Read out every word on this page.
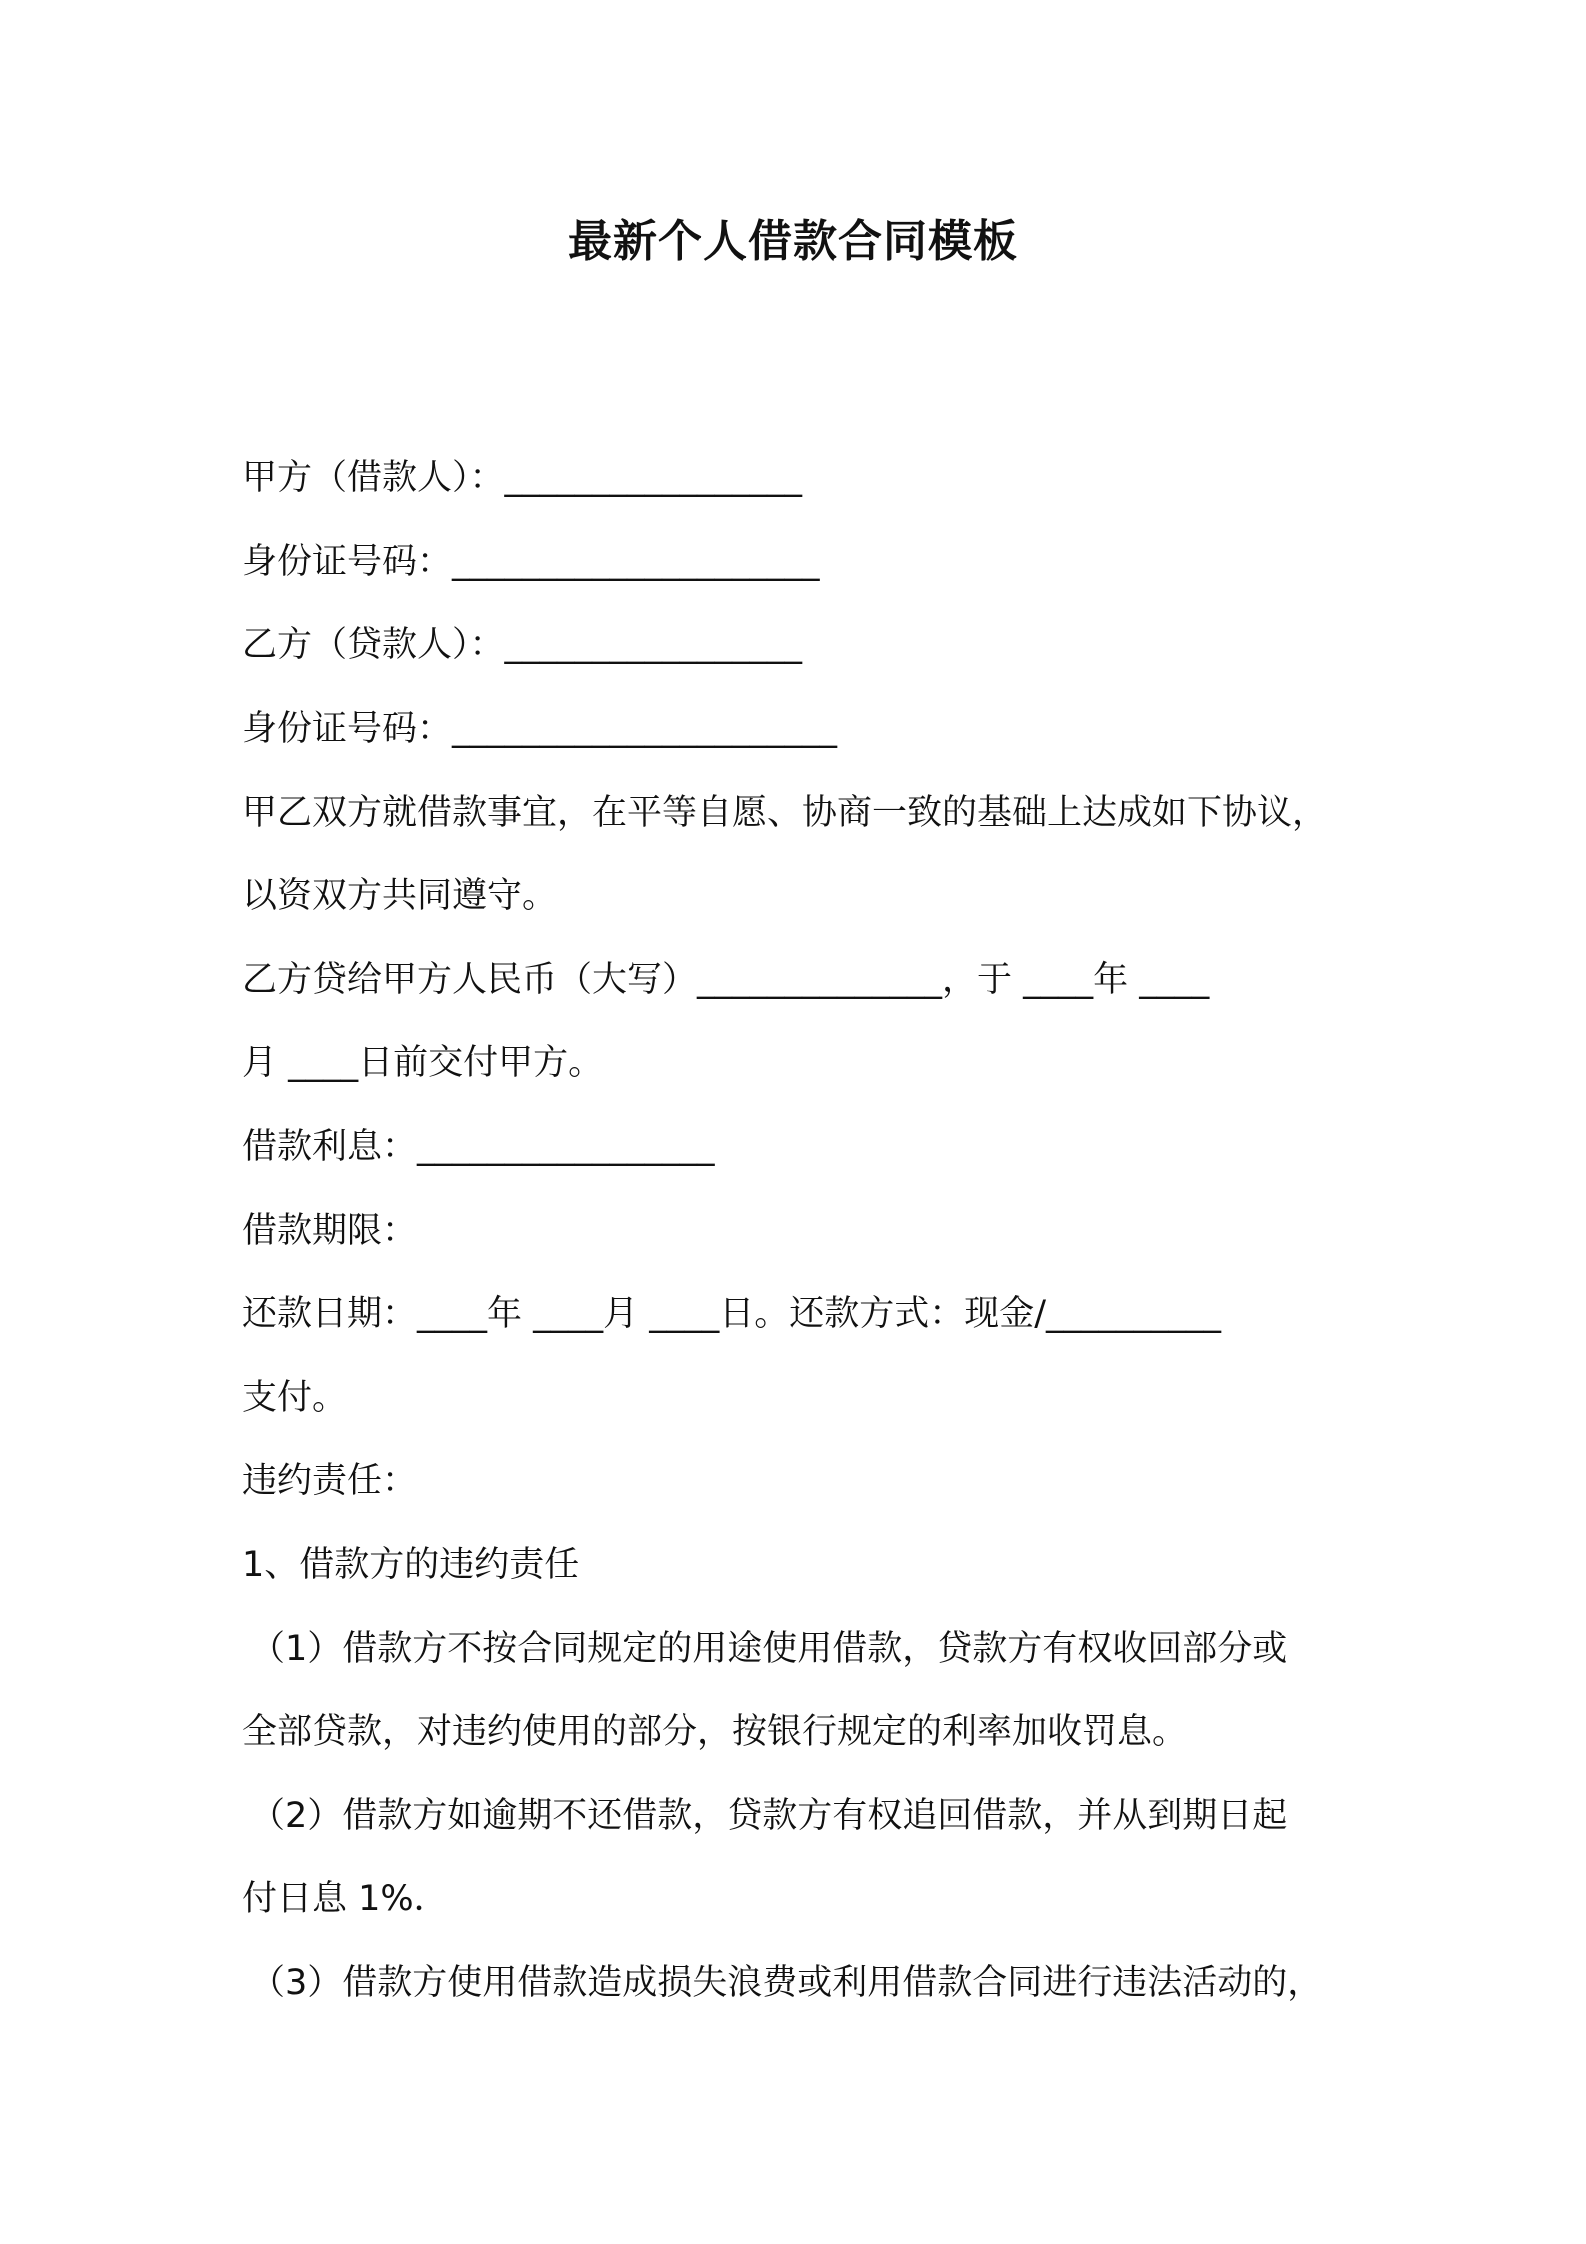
最新个人借款合同模板
甲方（借款人）：_________________
身份证号码：_____________________
乙方（贷款人）：_________________
身份证号码：______________________
甲乙双方就借款事宜，在平等自愿、协商一致的基础上达成如下协议，
以资双方共同遵守。
乙方贷给甲方人民币（大写）______________，于 ____年 ____
月 ____日前交付甲方。
借款利息：_________________
借款期限：
还款日期：____年 ____月 ____日。还款方式：现金/__________
支付。
违约责任：
1、借款方的违约责任
（1）借款方不按合同规定的用途使用借款，贷款方有权收回部分或
全部贷款，对违约使用的部分，按银行规定的利率加收罚息。
（2）借款方如逾期不还借款，贷款方有权追回借款，并从到期日起
付日息 1%．
（3）借款方使用借款造成损失浪费或利用借款合同进行违法活动的，
